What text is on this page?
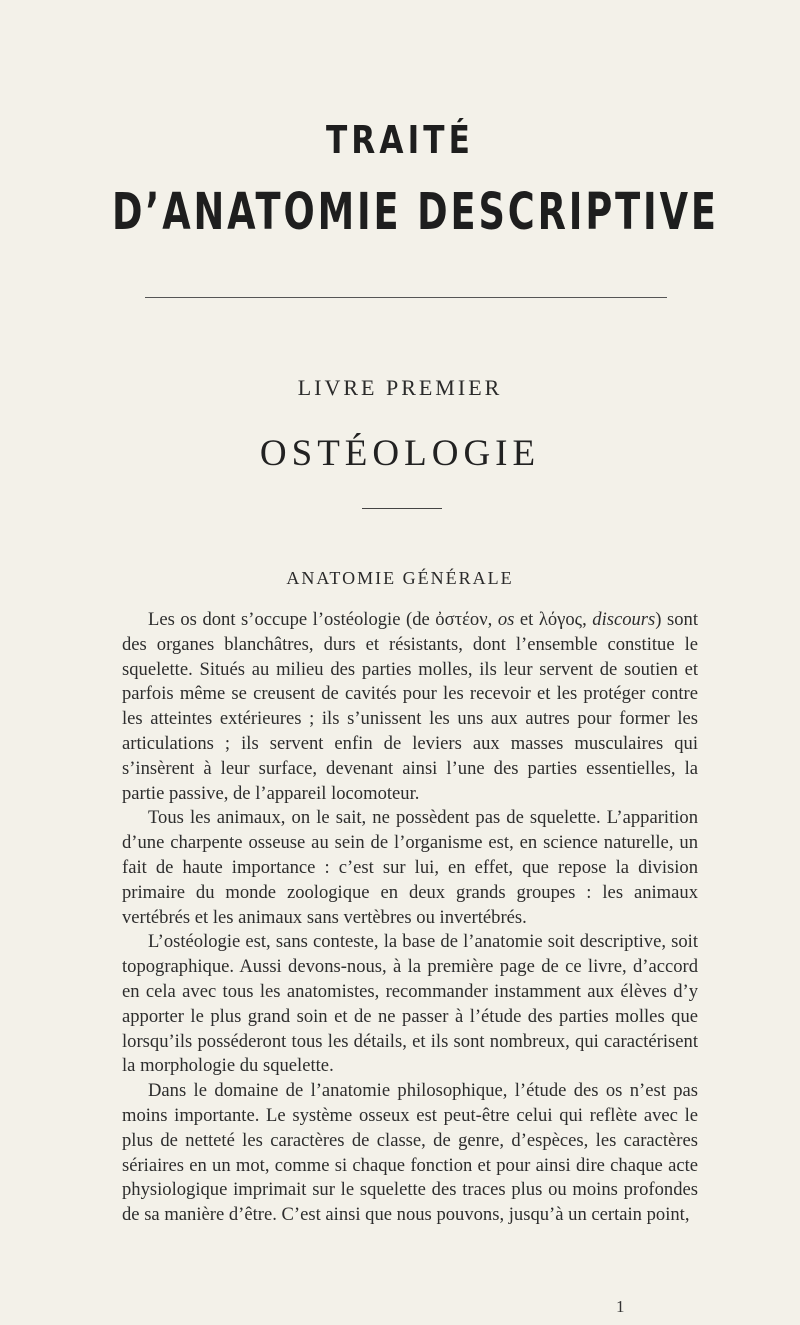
TRAITÉ
D’ANATOMIE DESCRIPTIVE
LIVRE PREMIER
OSTÉOLOGIE
ANATOMIE GÉNÉRALE

Les os dont s’occupe l’ostéologie (de ὀστέον, os et λόγος, discours) sont des organes blanchâtres, durs et résistants, dont l’ensemble constitue le squelette. Situés au milieu des parties molles, ils leur servent de soutien et parfois même se creusent de cavités pour les recevoir et les protéger contre les atteintes extérieures ; ils s’unissent les uns aux autres pour former les articulations ; ils servent enfin de leviers aux masses musculaires qui s’insèrent à leur surface, devenant ainsi l’une des parties essentielles, la partie passive, de l’appareil locomoteur.

Tous les animaux, on le sait, ne possèdent pas de squelette. L’apparition d’une charpente osseuse au sein de l’organisme est, en science naturelle, un fait de haute importance : c’est sur lui, en effet, que repose la division primaire du monde zoologique en deux grands groupes : les animaux vertébrés et les animaux sans vertèbres ou invertébrés.

L’ostéologie est, sans conteste, la base de l’anatomie soit descriptive, soit topographique. Aussi devons-nous, à la première page de ce livre, d’accord en cela avec tous les anatomistes, recommander instamment aux élèves d’y apporter le plus grand soin et de ne passer à l’étude des parties molles que lorsqu’ils posséderont tous les détails, et ils sont nombreux, qui caractérisent la morphologie du squelette.

Dans le domaine de l’anatomie philosophique, l’étude des os n’est pas moins importante. Le système osseux est peut-être celui qui reflète avec le plus de netteté les caractères de classe, de genre, d’espèces, les caractères sériaires en un mot, comme si chaque fonction et pour ainsi dire chaque acte physiologique imprimait sur le squelette des traces plus ou moins profondes de sa manière d’être. C’est ainsi que nous pouvons, jusqu’à un certain point,

1
